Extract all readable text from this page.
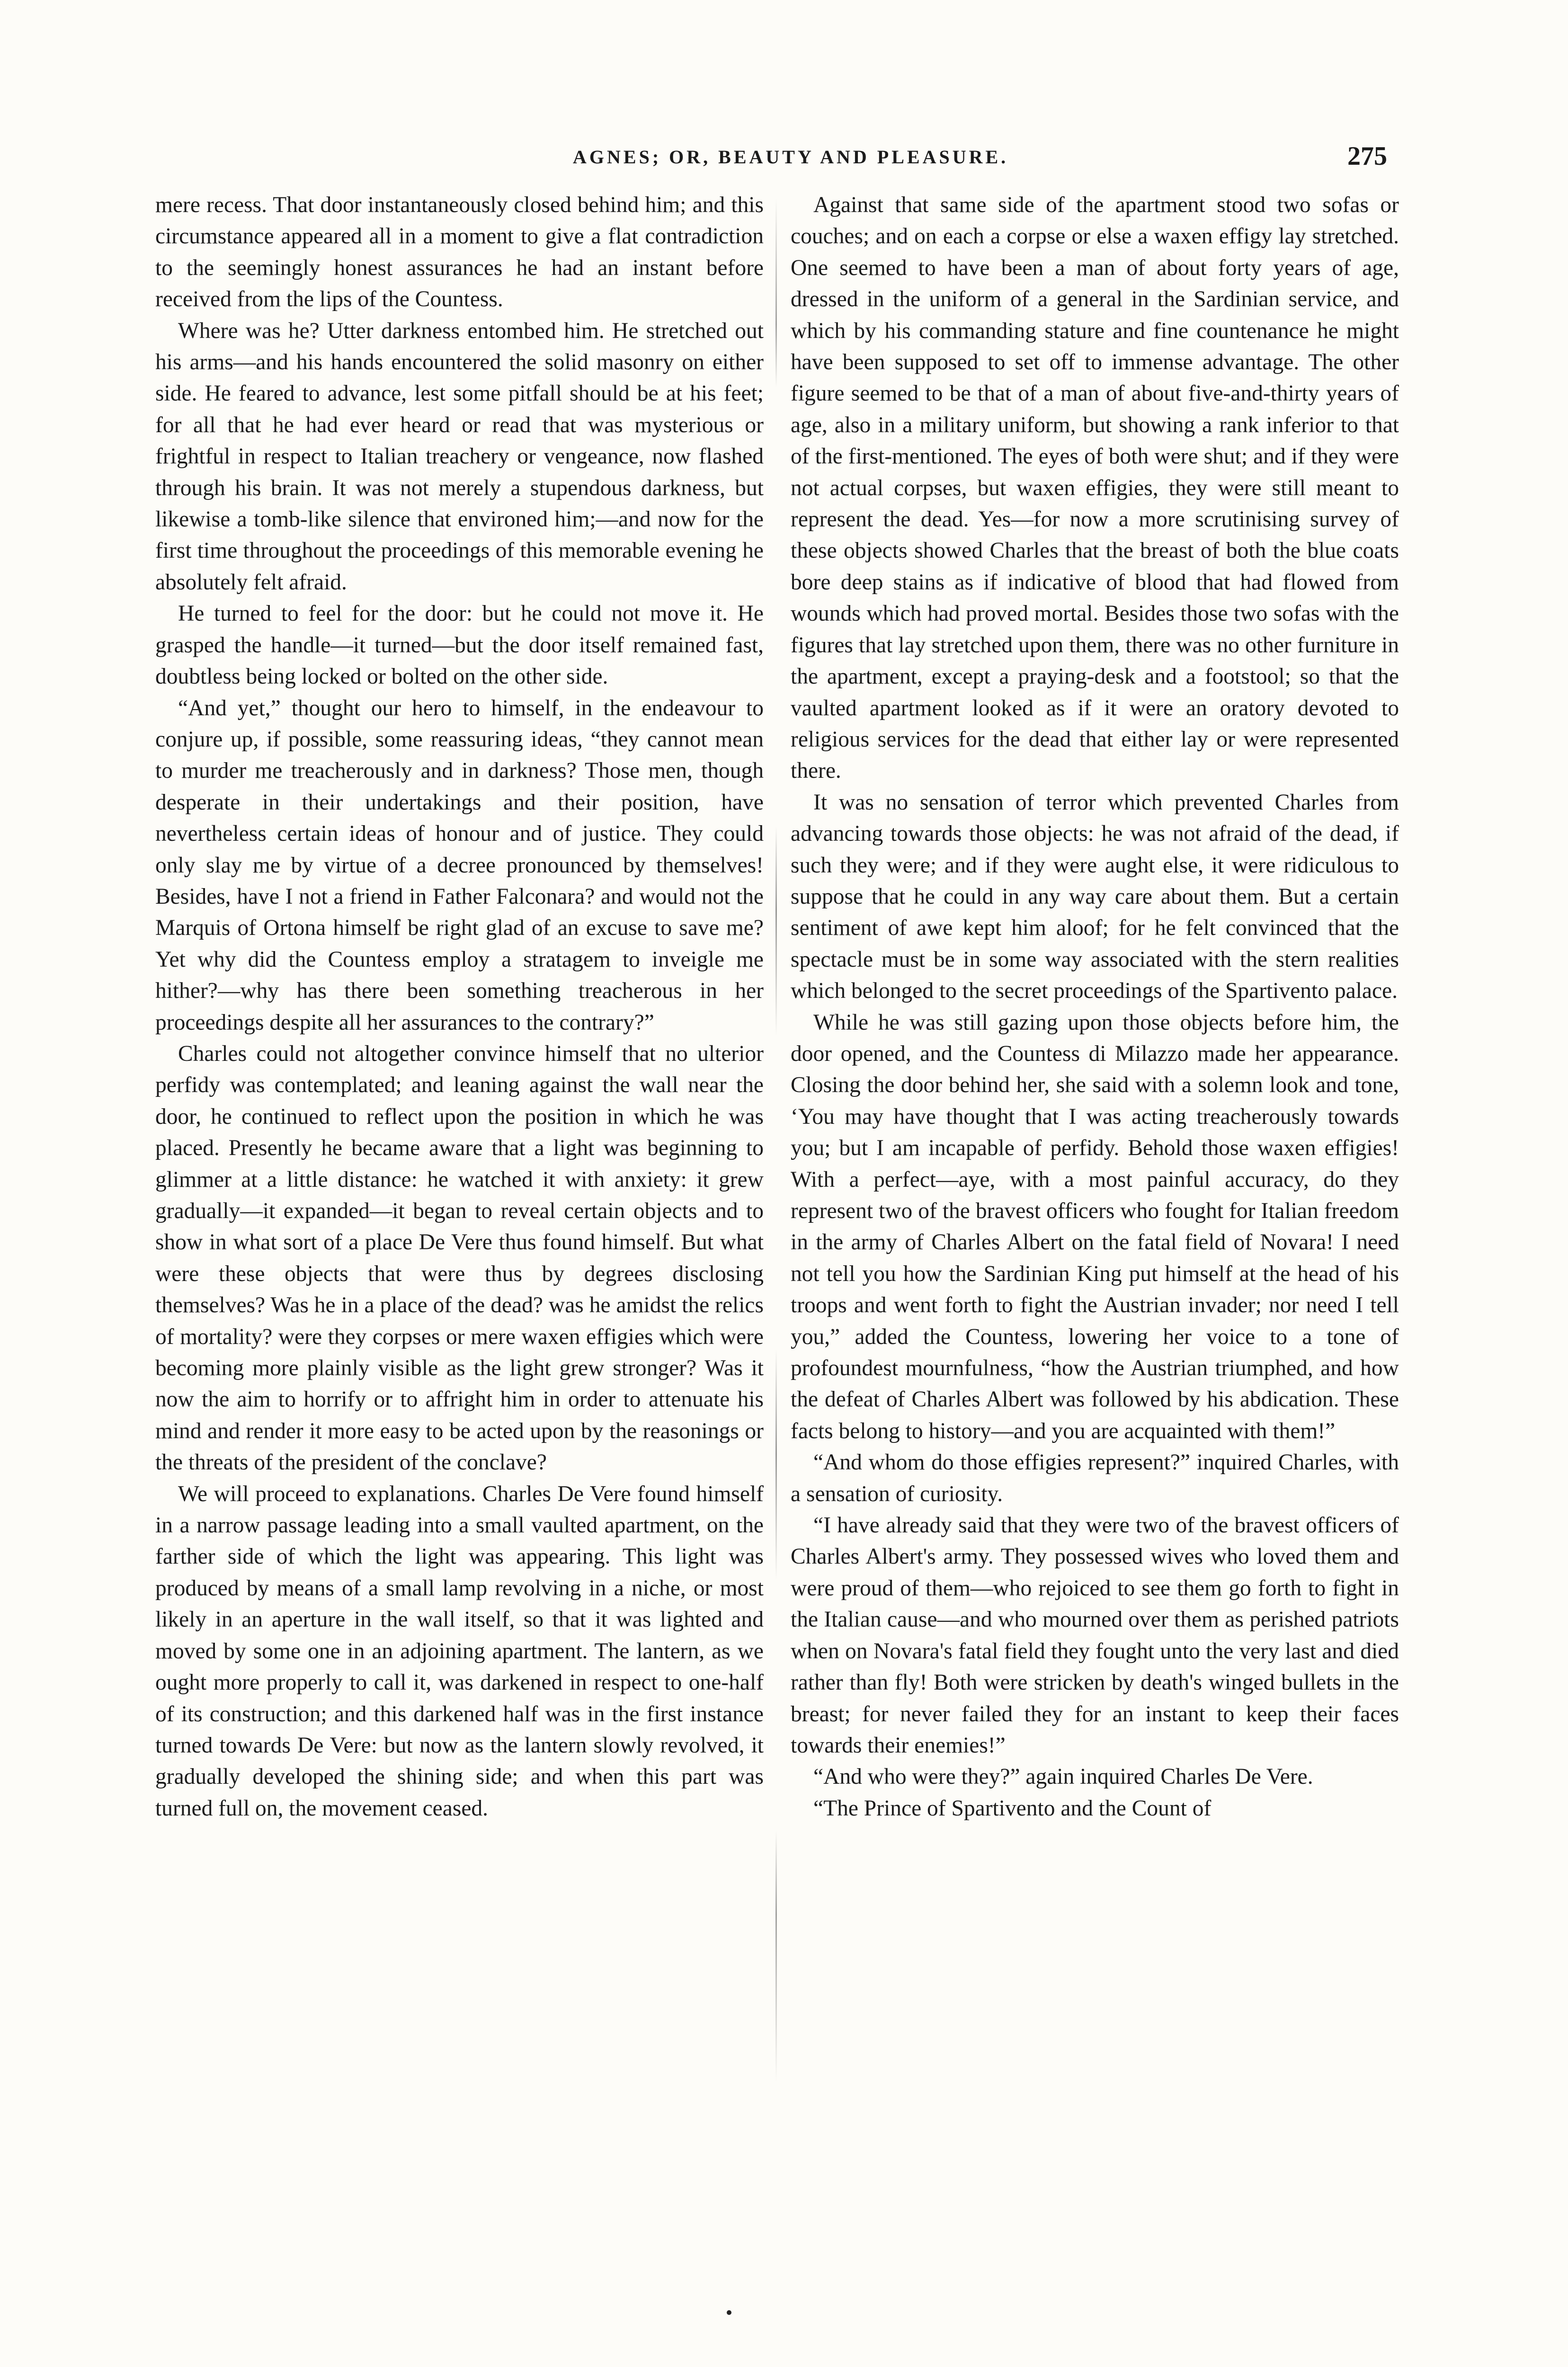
AGNES; OR, BEAUTY AND PLEASURE.	275

mere recess. That door instantaneously closed behind him; and this circumstance appeared all in a moment to give a flat contradiction to the seemingly honest assurances he had an instant before received from the lips of the Countess.

Where was he? Utter darkness entombed him. He stretched out his arms—and his hands encountered the solid masonry on either side. He feared to advance, lest some pitfall should be at his feet; for all that he had ever heard or read that was mysterious or frightful in respect to Italian treachery or vengeance, now flashed through his brain. It was not merely a stupendous darkness, but likewise a tomb-like silence that environed him;—and now for the first time throughout the proceedings of this memorable evening he absolutely felt afraid.

He turned to feel for the door: but he could not move it. He grasped the handle—it turned—but the door itself remained fast, doubtless being locked or bolted on the other side.

“And yet,” thought our hero to himself, in the endeavour to conjure up, if possible, some reassuring ideas, “they cannot mean to murder me treacherously and in darkness? Those men, though desperate in their undertakings and their position, have nevertheless certain ideas of honour and of justice. They could only slay me by virtue of a decree pronounced by themselves! Besides, have I not a friend in Father Falconara? and would not the Marquis of Ortona himself be right glad of an excuse to save me? Yet why did the Countess employ a stratagem to inveigle me hither?—why has there been something treacherous in her proceedings despite all her assurances to the contrary?”

Charles could not altogether convince himself that no ulterior perfidy was contemplated; and leaning against the wall near the door, he continued to reflect upon the position in which he was placed. Presently he became aware that a light was beginning to glimmer at a little distance: he watched it with anxiety: it grew gradually—it expanded—it began to reveal certain objects and to show in what sort of a place De Vere thus found himself. But what were these objects that were thus by degrees disclosing themselves? Was he in a place of the dead? was he amidst the relics of mortality? were they corpses or mere waxen effigies which were becoming more plainly visible as the light grew stronger? Was it now the aim to horrify or to affright him in order to attenuate his mind and render it more easy to be acted upon by the reasonings or the threats of the president of the conclave?

We will proceed to explanations. Charles De Vere found himself in a narrow passage leading into a small vaulted apartment, on the farther side of which the light was appearing. This light was produced by means of a small lamp revolving in a niche, or most likely in an aperture in the wall itself, so that it was lighted and moved by some one in an adjoining apartment. The lantern, as we ought more properly to call it, was darkened in respect to one-half of its construction; and this darkened half was in the first instance turned towards De Vere: but now as the lantern slowly revolved, it gradually developed the shining side; and when this part was turned full on, the movement ceased.

Against that same side of the apartment stood two sofas or couches; and on each a corpse or else a waxen effigy lay stretched. One seemed to have been a man of about forty years of age, dressed in the uniform of a general in the Sardinian service, and which by his commanding stature and fine countenance he might have been supposed to set off to immense advantage. The other figure seemed to be that of a man of about five-and-thirty years of age, also in a military uniform, but showing a rank inferior to that of the first-mentioned. The eyes of both were shut; and if they were not actual corpses, but waxen effigies, they were still meant to represent the dead. Yes—for now a more scrutinising survey of these objects showed Charles that the breast of both the blue coats bore deep stains as if indicative of blood that had flowed from wounds which had proved mortal. Besides those two sofas with the figures that lay stretched upon them, there was no other furniture in the apartment, except a praying-desk and a footstool; so that the vaulted apartment looked as if it were an oratory devoted to religious services for the dead that either lay or were represented there.

It was no sensation of terror which prevented Charles from advancing towards those objects: he was not afraid of the dead, if such they were; and if they were aught else, it were ridiculous to suppose that he could in any way care about them. But a certain sentiment of awe kept him aloof; for he felt convinced that the spectacle must be in some way associated with the stern realities which belonged to the secret proceedings of the Spartivento palace.

While he was still gazing upon those objects before him, the door opened, and the Countess di Milazzo made her appearance. Closing the door behind her, she said with a solemn look and tone, ‘You may have thought that I was acting treacherously towards you; but I am incapable of perfidy. Behold those waxen effigies! With a perfect—aye, with a most painful accuracy, do they represent two of the bravest officers who fought for Italian freedom in the army of Charles Albert on the fatal field of Novara! I need not tell you how the Sardinian King put himself at the head of his troops and went forth to fight the Austrian invader; nor need I tell you,” added the Countess, lowering her voice to a tone of profoundest mournfulness, “how the Austrian triumphed, and how the defeat of Charles Albert was followed by his abdication. These facts belong to history—and you are acquainted with them!”

“And whom do those effigies represent?” inquired Charles, with a sensation of curiosity.

“I have already said that they were two of the bravest officers of Charles Albert's army. They possessed wives who loved them and were proud of them—who rejoiced to see them go forth to fight in the Italian cause—and who mourned over them as perished patriots when on Novara's fatal field they fought unto the very last and died rather than fly! Both were stricken by death's winged bullets in the breast; for never failed they for an instant to keep their faces towards their enemies!”

“And who were they?” again inquired Charles De Vere.

“The Prince of Spartivento and the Count of
